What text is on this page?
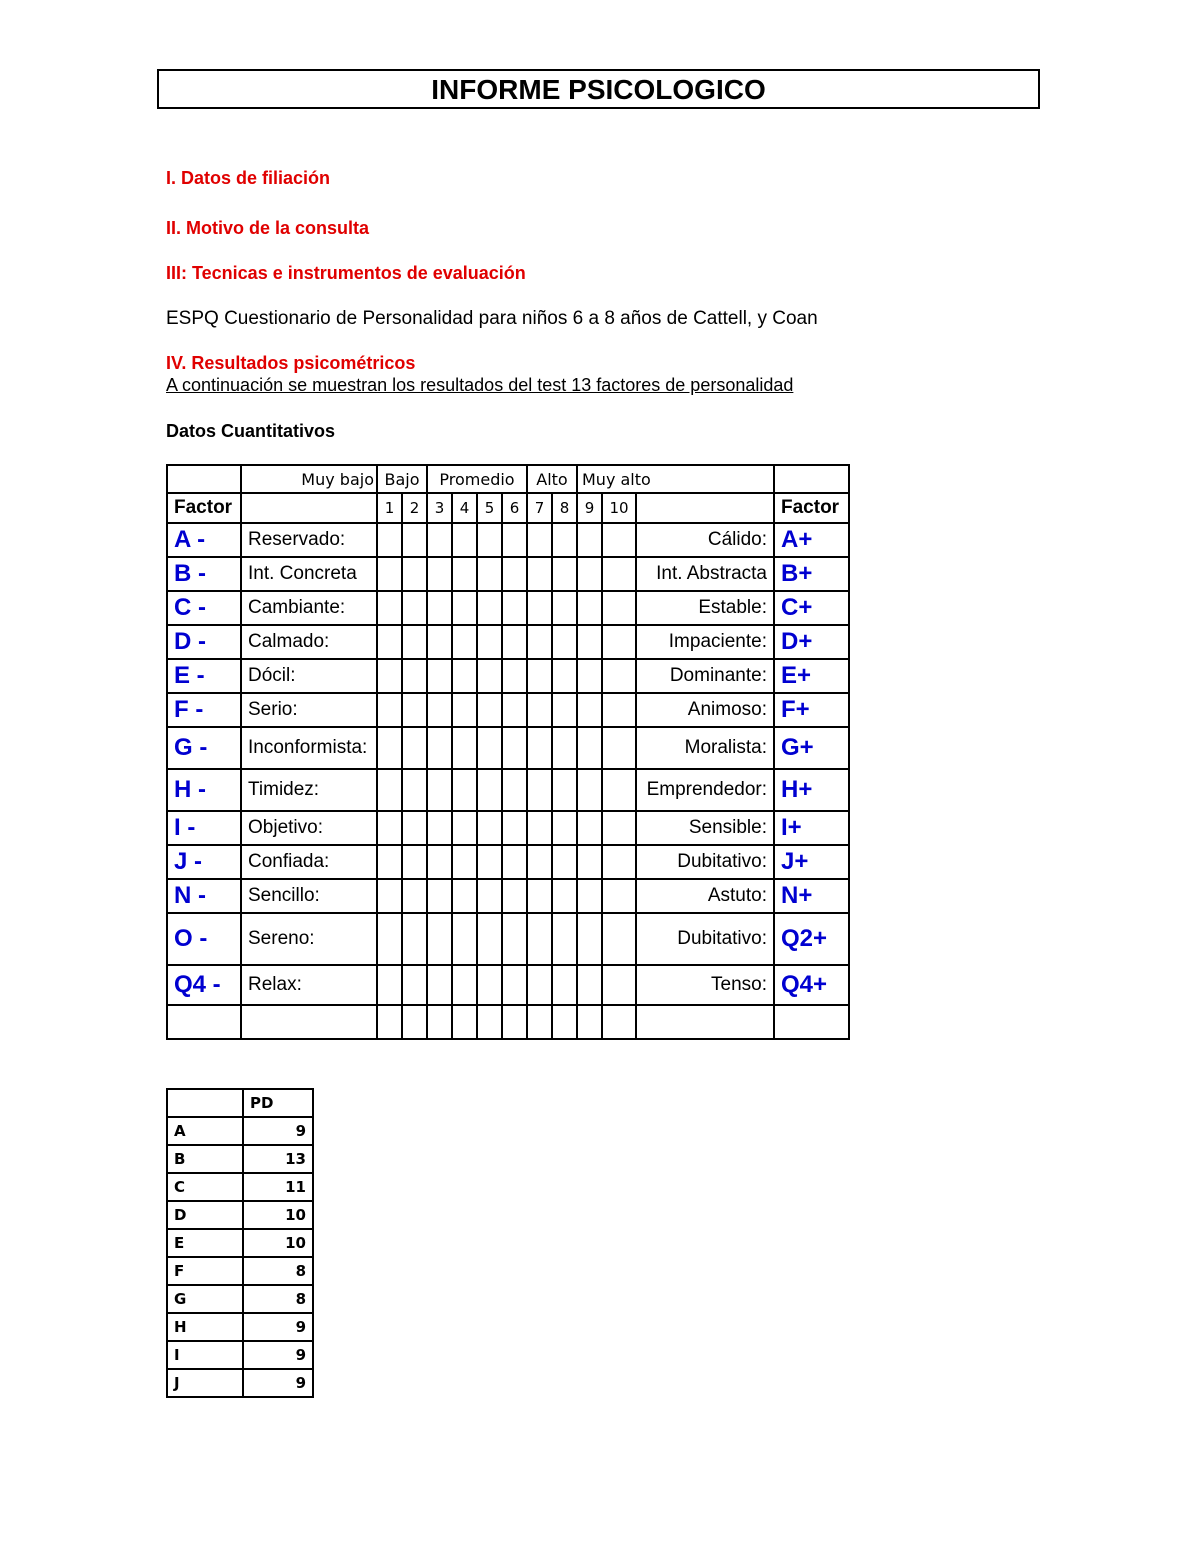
INFORME PSICOLOGICO
I. Datos de filiación
II. Motivo de la consulta
III: Tecnicas e instrumentos de evaluación
ESPQ Cuestionario de Personalidad para niños 6 a 8 años de Cattell, y Coan
IV. Resultados psicométricos
A continuación se muestran los resultados del test 13 factores de personalidad
Datos Cuantitativos
	Muy bajo	Bajo		Promedio				Alto		Muy alto			
Factor		1	2	3	4	5	6	7	8	9	10		Factor
A -	Reservado:											Cálido:	A+
B -	Int. Concreta											Int. Abstracta	B+
C -	Cambiante:											Estable:	C+
D -	Calmado:											Impaciente:	D+
E -	Dócil:											Dominante:	E+
F -	Serio:											Animoso:	F+
G -	Inconformista:											Moralista:	G+
H -	Timidez:											Emprendedor:	H+
I -	Objetivo:											Sensible:	I+
J -	Confiada:											Dubitativo:	J+
N -	Sencillo:											Astuto:	N+
O -	Sereno:											Dubitativo:	Q2+
Q4 -	Relax:											Tenso:	Q4+

	PD
A	9
B	13
C	11
D	10
E	10
F	8
G	8
H	9
I	9
J	9
